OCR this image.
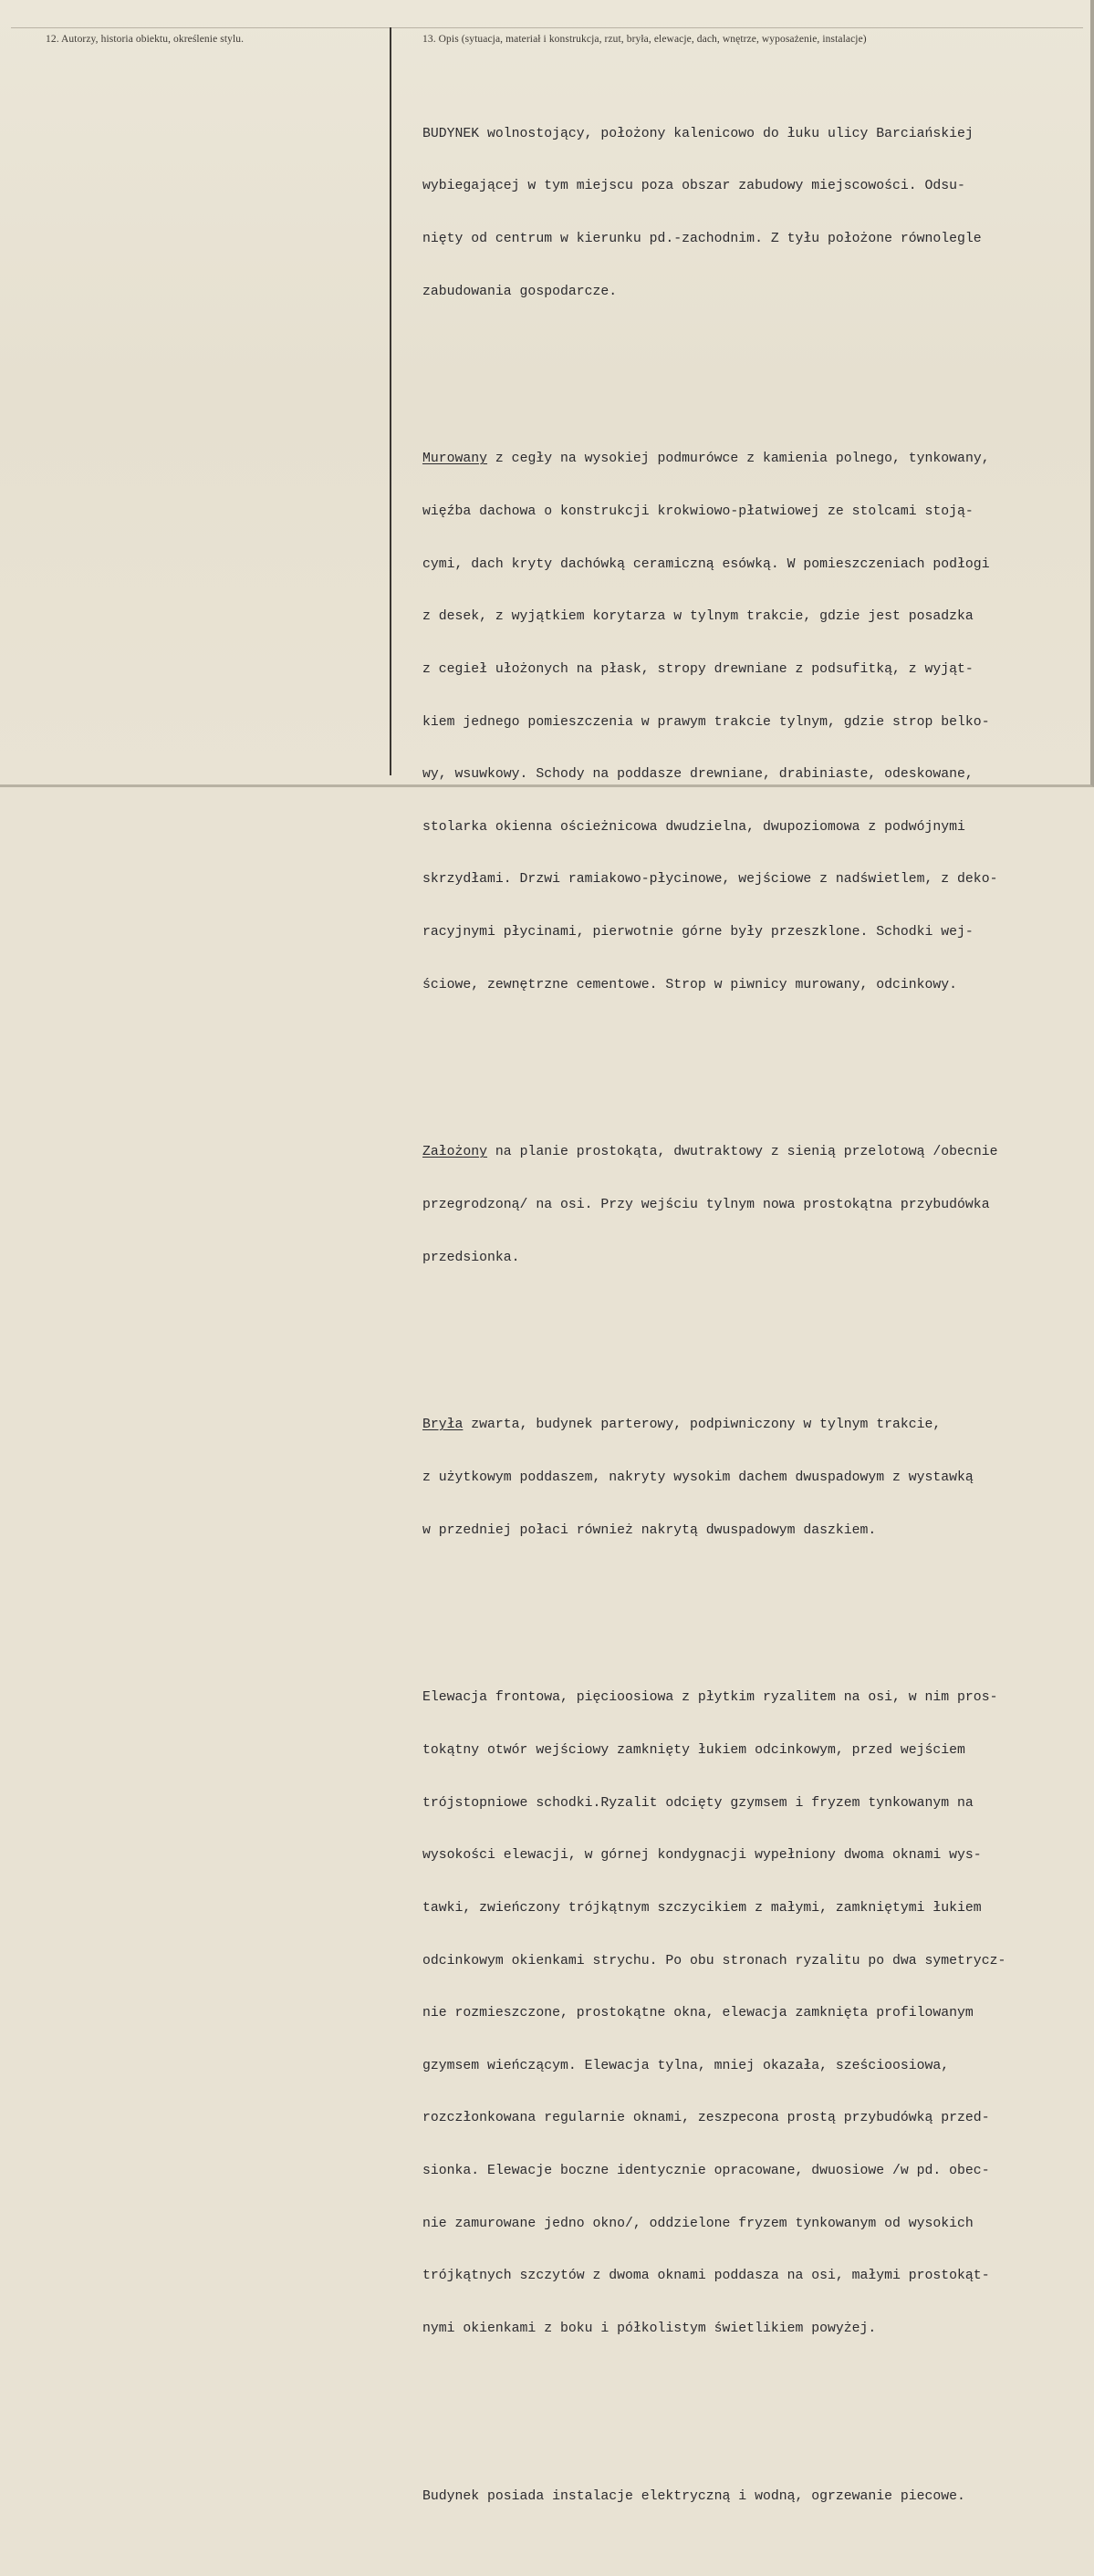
12. Autorzy, historia obiektu, określenie stylu.	13. Opis (sytuacja, materiał i konstrukcja, rzut, bryła, elewacje, dach, wnętrze, wyposażenie, instalacje)

BUDYNEK wolnostojący, położony kalenicowo do łuku ulicy Barciańskiej

wybiegającej w tym miejscu poza obszar zabudowy miejscowości. Odsu-

nięty od centrum w kierunku pd.-zachodnim. Z tyłu położone równolegle

zabudowania gospodarcze.

Murowany z cegły na wysokiej podmurówce z kamienia polnego, tynkowany,

więźba dachowa o konstrukcji krokwiowo-płatwiowej ze stolcami stoją-

cymi, dach kryty dachówką ceramiczną esówką. W pomieszczeniach podłogi

z desek, z wyjątkiem korytarza w tylnym trakcie, gdzie jest posadzka

z cegieł ułożonych na płask, stropy drewniane z podsufitką, z wyjąt-

kiem jednego pomieszczenia w prawym trakcie tylnym, gdzie strop belko-

wy, wsuwkowy. Schody na poddasze drewniane, drabiniaste, odeskowane,

stolarka okienna ościeżnicowa dwudzielna, dwupoziomowa z podwójnymi

skrzydłami. Drzwi ramiakowo-płycinowe, wejściowe z nadświetlem, z deko-

racyjnymi płycinami, pierwotnie górne były przeszklone. Schodki wej-

ściowe, zewnętrzne cementowe. Strop w piwnicy murowany, odcinkowy.

Założony na planie prostokąta, dwutraktowy z sienią przelotową /obecnie

przegrodzoną/ na osi. Przy wejściu tylnym nowa prostokątna przybudówka

przedsionka.

Bryła zwarta, budynek parterowy, podpiwniczony w tylnym trakcie,

z użytkowym poddaszem, nakryty wysokim dachem dwuspadowym z wystawką

w przedniej połaci również nakrytą dwuspadowym daszkiem.

Elewacja frontowa, pięcioosiowa z płytkim ryzalitem na osi, w nim pros-

tokątny otwór wejściowy zamknięty łukiem odcinkowym, przed wejściem

trójstopniowe schodki.Ryzalit odcięty gzymsem i fryzem tynkowanym na

wysokości elewacji, w górnej kondygnacji wypełniony dwoma oknami wys-

tawki, zwieńczony trójkątnym szczycikiem z małymi, zamkniętymi łukiem

odcinkowym okienkami strychu. Po obu stronach ryzalitu po dwa symetrycz-

nie rozmieszczone, prostokątne okna, elewacja zamknięta profilowanym

gzymsem wieńczącym. Elewacja tylna, mniej okazała, sześcioosiowa,

rozczłonkowana regularnie oknami, zeszpecona prostą przybudówką przed-

sionka. Elewacje boczne identycznie opracowane, dwuosiowe /w pd. obec-

nie zamurowane jedno okno/, oddzielone fryzem tynkowanym od wysokich

trójkątnych szczytów z dwoma oknami poddasza na osi, małymi prostokąt-

nymi okienkami z boku i półkolistym świetlikiem powyżej.

Budynek posiada instalacje elektryczną i wodną, ogrzewanie piecowe.
